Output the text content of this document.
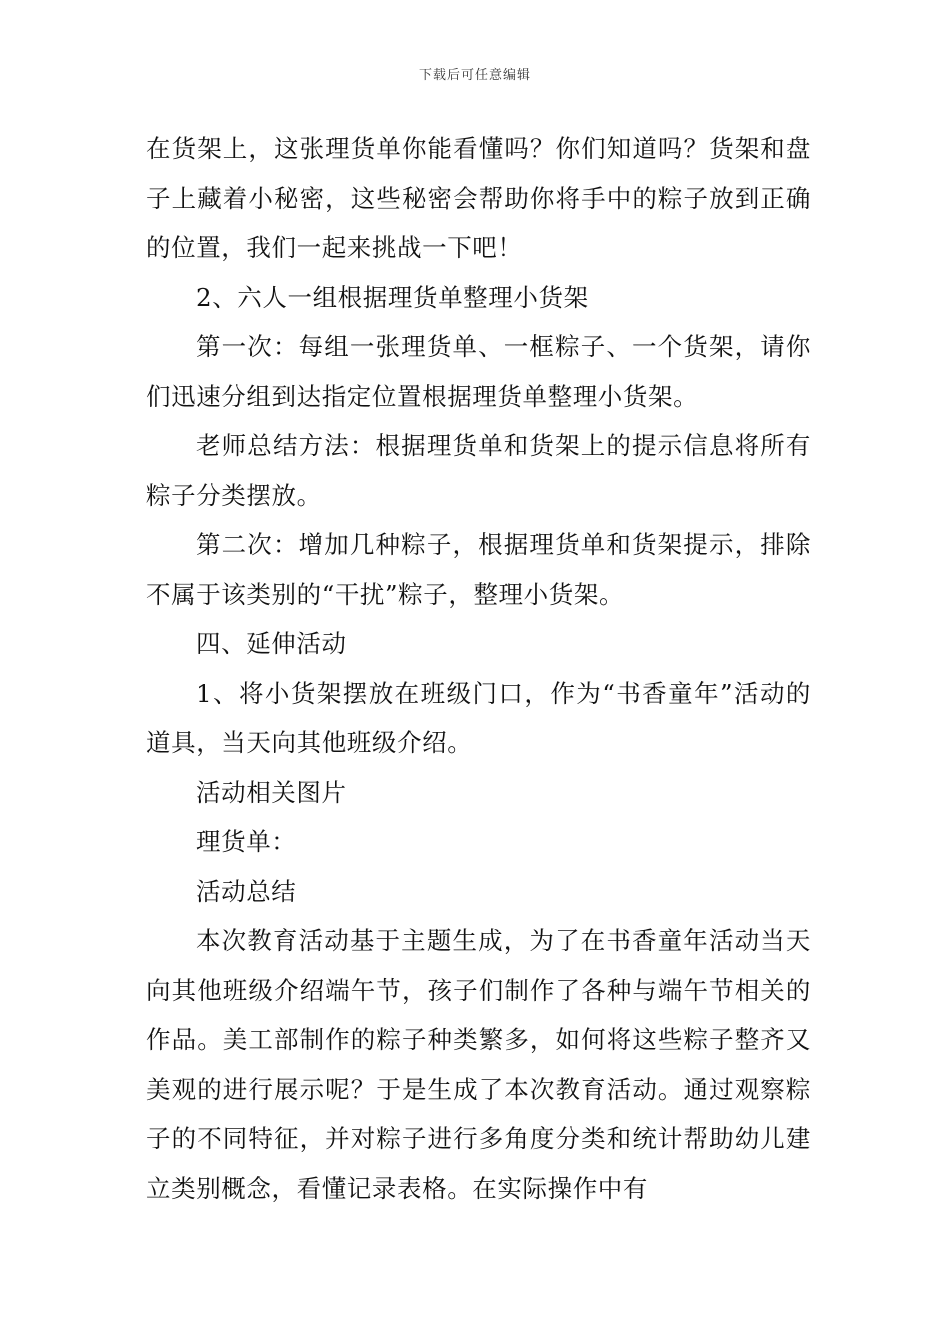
下载后可任意编辑

在货架上，这张理货单你能看懂吗？你们知道吗？货架和盘子上藏着小秘密，这些秘密会帮助你将手中的粽子放到正确的位置，我们一起来挑战一下吧！

2、六人一组根据理货单整理小货架

第一次：每组一张理货单、一框粽子、一个货架，请你们迅速分组到达指定位置根据理货单整理小货架。

老师总结方法：根据理货单和货架上的提示信息将所有粽子分类摆放。

第二次：增加几种粽子，根据理货单和货架提示，排除不属于该类别的“干扰”粽子，整理小货架。

四、延伸活动

1、将小货架摆放在班级门口，作为“书香童年”活动的道具，当天向其他班级介绍。

活动相关图片

理货单：

活动总结

本次教育活动基于主题生成，为了在书香童年活动当天向其他班级介绍端午节，孩子们制作了各种与端午节相关的作品。美工部制作的粽子种类繁多，如何将这些粽子整齐又美观的进行展示呢？于是生成了本次教育活动。通过观察粽子的不同特征，并对粽子进行多角度分类和统计帮助幼儿建立类别概念，看懂记录表格。在实际操作中有
